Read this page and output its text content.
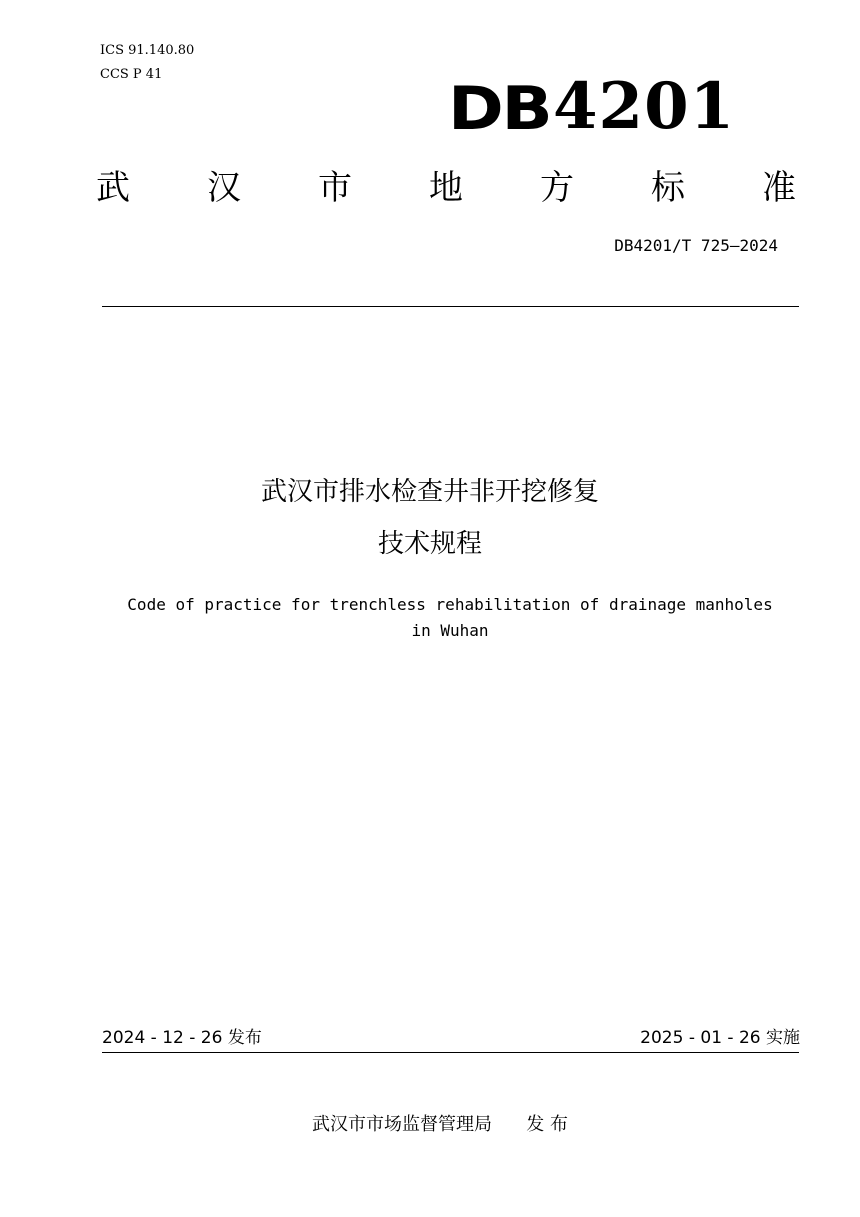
ICS 91.140.80
CCS P 41	DB 4201
武 汉 市 地 方 标 准
DB4201/T 725—2024
武汉市排水检查井非开挖修复
技术规程
Code of practice for trenchless rehabilitation of drainage manholes
in Wuhan
2024 - 12 - 26 发布	2025 - 01 - 26 实施
武汉市市场监督管理局 发 布
